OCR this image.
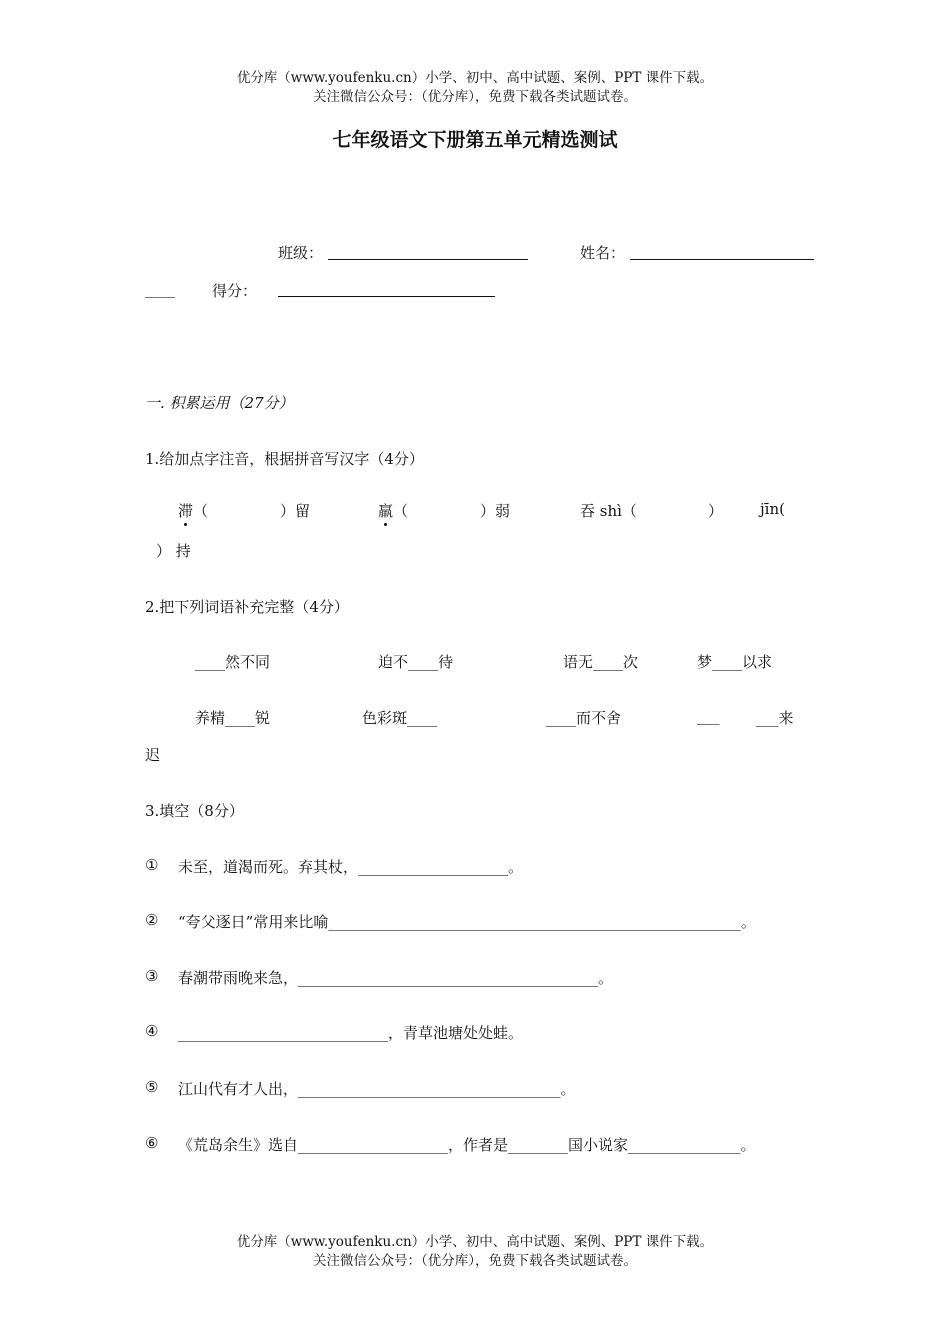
优分库（www.youfenku.cn）小学、初中、高中试题、案例、PPT 课件下载。
关注微信公众号：（优分库），免费下载各类试题试卷。
七年级语文下册第五单元精选测试
班级：	姓名：
____ 得分：
一. 积累运用（27分）
1.给加点字注音，根据拼音写汉字（4分）
滞（	）留	羸（	）弱	吞 shì（	） jīn(
） 持
2.把下列词语补充完整（4分）
____然不同	迫不____待	语无____次	梦____以求
养精____锐	色彩斑____	____而不舍	___ ___来
迟
3.填空（8分）
① 未至，道渴而死。弃其杖，____________________。
② “夸父逐日”常用来比喻_______________________________________________________。
③ 春潮带雨晚来急，________________________________________。
④ ____________________________，青草池塘处处蛙。
⑤ 江山代有才人出，___________________________________。
⑥ 《荒岛余生》选自____________________，作者是________国小说家_______________。
优分库（www.youfenku.cn）小学、初中、高中试题、案例、PPT 课件下载。
关注微信公众号：（优分库），免费下载各类试题试卷。
